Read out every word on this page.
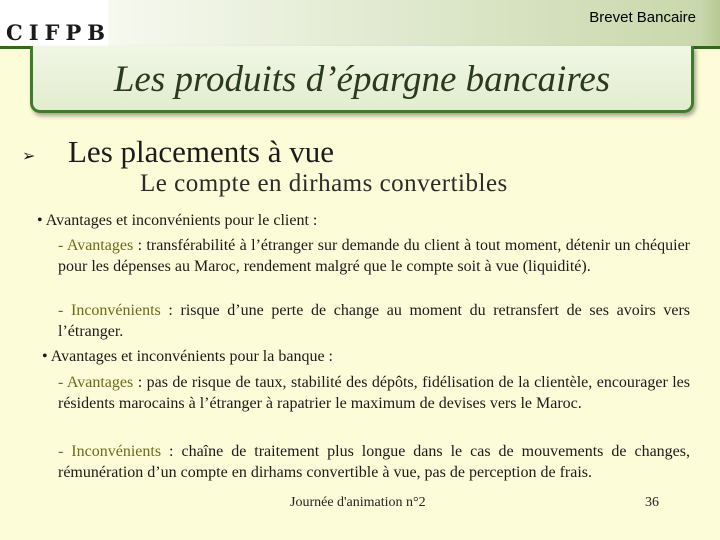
CIFPB
Brevet Bancaire
Les produits d’épargne bancaires
➢ Les placements à vue
Le compte en dirhams convertibles
• Avantages et inconvénients pour le client :
- Avantages : transférabilité à l’étranger sur demande du client à tout moment, détenir un chéquier pour les dépenses au Maroc, rendement malgré que le compte soit à vue (liquidité).
- Inconvénients : risque d’une perte de change au moment du retransfert de ses avoirs vers l’étranger.
• Avantages et inconvénients pour la banque :
- Avantages : pas de risque de taux, stabilité des dépôts, fidélisation de la clientèle, encourager les résidents marocains à l’étranger à rapatrier le maximum de devises vers le Maroc.
- Inconvénients : chaîne de traitement plus longue dans le cas de mouvements de changes, rémunération d’un compte en dirhams convertible à vue, pas de perception de frais.
Journée d'animation n°2	36
